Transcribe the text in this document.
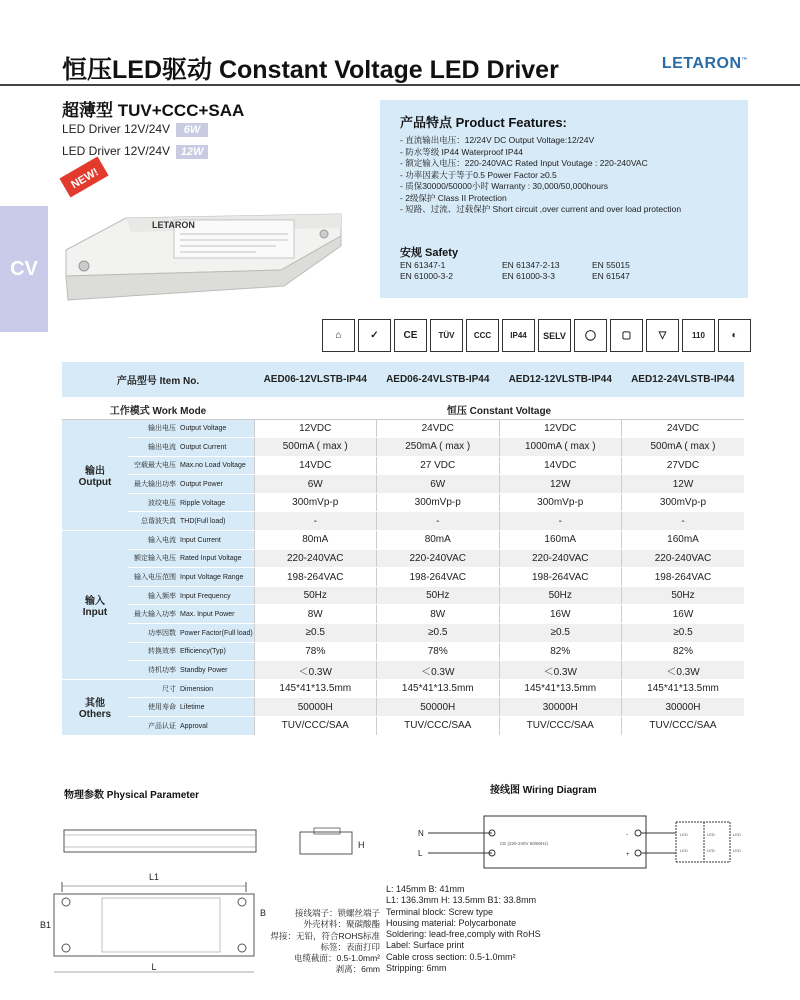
恒压LED驱动 Constant Voltage LED Driver	LETARON™
超薄型 TUV+CCC+SAA
LED Driver 12V/24V 6W
LED Driver 12V/24V 12W
CV
NEW!
LETARON
产品特点 Product Features:
- 直流输出电压：12/24V DC Output Voltage:12/24V
- 防水等级 IP44 Waterproof IP44
- 额定输入电压：220-240VAC Rated Input Voutage : 220-240VAC
- 功率因素大于等于0.5 Power Factor ≥0.5
- 质保30000/50000小时 Warranty : 30,000/50,000hours
- 2级保护 Class II Protection
- 短路、过流、过载保护 Short circuit ,over current and over load protection
安规 Safety
EN 61347-1	EN 61347-2-13	EN 55015
EN 61000-3-2	EN 61000-3-3	EN 61547
⌂	✓	CE	TÜV	CCC	IP44	SELV	◯	▢	▽	110	◐
产品型号 Item No.		AED06-12VLSTB-IP44	AED06-24VLSTB-IP44	AED12-12VLSTB-IP44	AED12-24VLSTB-IP44
工作模式 Work Mode		恒压 Constant Voltage			

输出
Output	输出电压 Output Voltage	12VDC	24VDC	12VDC	24VDC
	输出电流 Output Current	500mA ( max )	250mA ( max )	1000mA ( max )	500mA ( max )
	空载最大电压 Max.no Load Voltage	14VDC	27 VDC	14VDC	27VDC
	最大输出功率 Output Power	6W	6W	12W	12W
	波纹电压 Ripple Voltage	300mVp-p	300mVp-p	300mVp-p	300mVp-p
	总谐波失真 THD(Full load)	-	-	-	-

输入
Input	输入电流 Input Current	80mA	80mA	160mA	160mA
	额定输入电压 Rated Input Voltage	220-240VAC	220-240VAC	220-240VAC	220-240VAC
	输入电压范围 Input Voltage Range	198-264VAC	198-264VAC	198-264VAC	198-264VAC
	输入频率 Input Frequency	50Hz	50Hz	50Hz	50Hz
	最大输入功率 Max. Input Power	8W	8W	16W	16W
	功率因数 Power Factor(Full load)	≥0.5	≥0.5	≥0.5	≥0.5
	转换效率 Efficiency(Typ)	78%	78%	82%	82%
	待机功率 Standby Power	＜0.3W	＜0.3W	＜0.3W	＜0.3W

其他
Others	尺寸 Dimension	145*41*13.5mm	145*41*13.5mm	145*41*13.5mm	145*41*13.5mm
	使用寿命 Lifetime	50000H	50000H	30000H	30000H
	产品认证 Approval	TUV/CCC/SAA	TUV/CCC/SAA	TUV/CCC/SAA	TUV/CCC/SAA
物理参数 Physical Parameter
L1
B1
B
L
H
接线端子：锁螺丝端子
外壳材料：聚碳酸酯
焊接：无铅，符合ROHS标准
标签：表面打印
电缆截面：0.5-1.0mm²
剥离：6mm
L: 145mm B: 41mm
L1: 136.3mm H: 13.5mm B1: 33.8mm
Terminal block: Screw type
Housing material: Polycarbonate
Soldering: lead-free,comply with RoHS
Label: Surface print
Cable cross section: 0.5-1.0mm²
Stripping: 6mm
接线图 Wiring Diagram
N
L
CE (220-240V 50/60Hz)
-
+
LED	LED	LED
LED	LED	LED
